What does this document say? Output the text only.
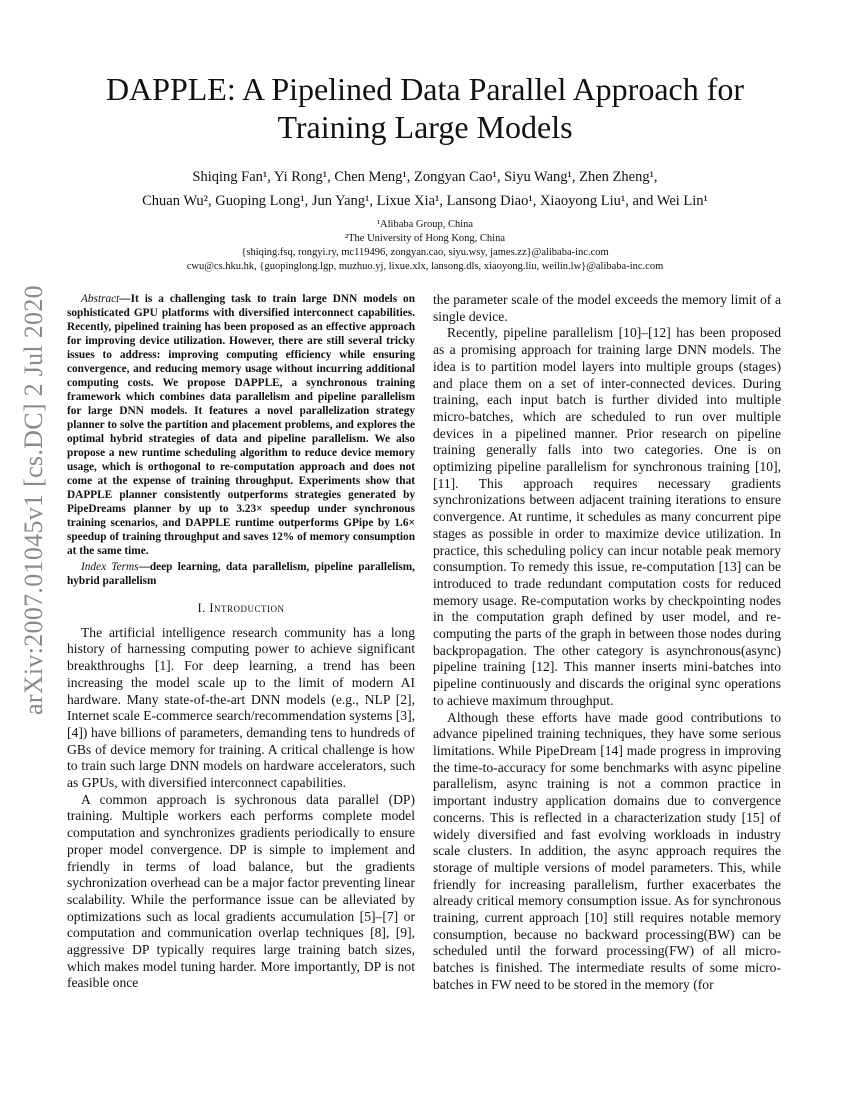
arXiv:2007.01045v1 [cs.DC] 2 Jul 2020
DAPPLE: A Pipelined Data Parallel Approach for Training Large Models
Shiqing Fan¹, Yi Rong¹, Chen Meng¹, Zongyan Cao¹, Siyu Wang¹, Zhen Zheng¹,
Chuan Wu², Guoping Long¹, Jun Yang¹, Lixue Xia¹, Lansong Diao¹, Xiaoyong Liu¹, and Wei Lin¹
¹Alibaba Group, China
²The University of Hong Kong, China
{shiqing.fsq, rongyi.ry, mc119496, zongyan.cao, siyu.wsy, james.zz}@alibaba-inc.com
cwu@cs.hku.hk, {guopinglong.lgp, muzhuo.yj, lixue.xlx, lansong.dls, xiaoyong.liu, weilin.lw}@alibaba-inc.com

Abstract—It is a challenging task to train large DNN models on sophisticated GPU platforms with diversified interconnect capabilities. Recently, pipelined training has been proposed as an effective approach for improving device utilization. However, there are still several tricky issues to address: improving computing efficiency while ensuring convergence, and reducing memory usage without incurring additional computing costs. We propose DAPPLE, a synchronous training framework which combines data parallelism and pipeline parallelism for large DNN models. It features a novel parallelization strategy planner to solve the partition and placement problems, and explores the optimal hybrid strategies of data and pipeline parallelism. We also propose a new runtime scheduling algorithm to reduce device memory usage, which is orthogonal to re-computation approach and does not come at the expense of training throughput. Experiments show that DAPPLE planner consistently outperforms strategies generated by PipeDreams planner by up to 3.23× speedup under synchronous training scenarios, and DAPPLE runtime outperforms GPipe by 1.6× speedup of training throughput and saves 12% of memory consumption at the same time.

Index Terms—deep learning, data parallelism, pipeline parallelism, hybrid parallelism

I. Introduction

The artificial intelligence research community has a long history of harnessing computing power to achieve significant breakthroughs [1]. For deep learning, a trend has been increasing the model scale up to the limit of modern AI hardware. Many state-of-the-art DNN models (e.g., NLP [2], Internet scale E-commerce search/recommendation systems [3], [4]) have billions of parameters, demanding tens to hundreds of GBs of device memory for training. A critical challenge is how to train such large DNN models on hardware accelerators, such as GPUs, with diversified interconnect capabilities.

A common approach is sychronous data parallel (DP) training. Multiple workers each performs complete model computation and synchronizes gradients periodically to ensure proper model convergence. DP is simple to implement and friendly in terms of load balance, but the gradients sychronization overhead can be a major factor preventing linear scalability. While the performance issue can be alleviated by optimizations such as local gradients accumulation [5]–[7] or computation and communication overlap techniques [8], [9], aggressive DP typically requires large training batch sizes, which makes model tuning harder. More importantly, DP is not feasible once

the parameter scale of the model exceeds the memory limit of a single device.

Recently, pipeline parallelism [10]–[12] has been proposed as a promising approach for training large DNN models. The idea is to partition model layers into multiple groups (stages) and place them on a set of inter-connected devices. During training, each input batch is further divided into multiple micro-batches, which are scheduled to run over multiple devices in a pipelined manner. Prior research on pipeline training generally falls into two categories. One is on optimizing pipeline parallelism for synchronous training [10], [11]. This approach requires necessary gradients synchronizations between adjacent training iterations to ensure convergence. At runtime, it schedules as many concurrent pipe stages as possible in order to maximize device utilization. In practice, this scheduling policy can incur notable peak memory consumption. To remedy this issue, re-computation [13] can be introduced to trade redundant computation costs for reduced memory usage. Re-computation works by checkpointing nodes in the computation graph defined by user model, and re-computing the parts of the graph in between those nodes during backpropagation. The other category is asynchronous(async) pipeline training [12]. This manner inserts mini-batches into pipeline continuously and discards the original sync operations to achieve maximum throughput.

Although these efforts have made good contributions to advance pipelined training techniques, they have some serious limitations. While PipeDream [14] made progress in improving the time-to-accuracy for some benchmarks with async pipeline parallelism, async training is not a common practice in important industry application domains due to convergence concerns. This is reflected in a characterization study [15] of widely diversified and fast evolving workloads in industry scale clusters. In addition, the async approach requires the storage of multiple versions of model parameters. This, while friendly for increasing parallelism, further exacerbates the already critical memory consumption issue. As for synchronous training, current approach [10] still requires notable memory consumption, because no backward processing(BW) can be scheduled until the forward processing(FW) of all micro-batches is finished. The intermediate results of some micro-batches in FW need to be stored in the memory (for
